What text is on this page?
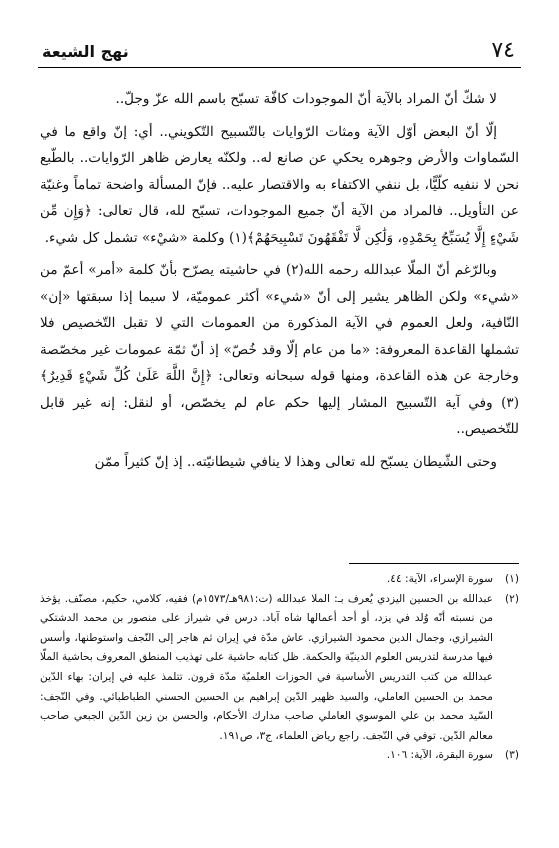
٧٤
نهج الشيعة

لا شكّ أنّ المراد بالآية أنّ الموجودات كافّة تسبّح باسم الله عزّ وجلّ..

إلّا أنّ البعض أوّل الآية ومثات الرّوايات بالتّسبيح التّكويني.. أي: إنّ واقع ما في السّماوات والأرض وجوهره يحكي عن صانع له.. ولكنّه يعارض ظاهر الرّوايات.. بالطّبع نحن لا ننفيه كلّيًّا، بل ننفي الاكتفاء به والاقتصار عليه.. فإنّ المسألة واضحة تماماً وغنيّة عن التأويل.. فالمراد من الآية أنّ جميع الموجودات، تسبّح لله، قال تعالى: ﴿وَإِن مِّن شَيْءٍ إِلَّا يُسَبِّحُ بِحَمْدِهِ، وَلَٰكِن لَّا تَفْقَهُونَ تَسْبِيحَهُمْ﴾(١) وكلمة «شيْء» تشمل كل شيء.

وبالرّغم أنّ الملّا عبدالله رحمه الله(٢) في حاشيته يصرّح بأنّ كلمة «أمر» أعمّ من «شيء» ولكن الظاهر يشير إلى أنّ «شيء» أكثر عموميّة، لا سيما إذا سبقتها «إن» النّافية، ولعل العموم في الآية المذكورة من العمومات التي لا تقبل التّخصيص فلا تشملها القاعدة المعروفة: «ما من عام إلّا وقد خُصّ» إذ أنّ ثمّة عمومات غير مخصّصة وخارجة عن هذه القاعدة، ومنها قوله سبحانه وتعالى: ﴿إِنَّ اللَّهَ عَلَىٰ كُلِّ شَيْءٍ قَدِيرٌ﴾(٣) وفي آية التّسبيح المشار إليها حكم عام لم يخصّص، أو لنقل: إنه غير قابل للتّخصيص..

وحتى الشّيطان يسبّح لله تعالى وهذا لا ينافي شيطانيّته.. إذ إنّ كثيراً ممّن

(١)
سورة الإسراء، الآية: ٤٤.
(٢)
عبدالله بن الحسين اليزدي يُعرف بـ: الملا عبدالله (ت:٩٨١هـ/١٥٧٣م) فقيه، كلامي، حكيم، مصنّف. يؤخذ من نسبته أنّه وُلد في يزد، أو أحد أعمالها شاه آباد. درس في شيراز على منصور بن محمد الدشتكي الشيرازي، وجمال الدين محمود الشيرازي. عاش مدّة في إيران ثم هاجر إلى النّجف واستوطنها، وأسس فيها مدرسة لتدريس العلوم الدينيّة والحكمة. ظل كتابه حاشية على تهذيب المنطق المعروف بحاشية الملّا عبدالله من كتب التدريس الأساسية في الحوزات العلميّة مدّة قرون. تتلمذ عليه في إيران: بهاء الدّين محمد بن الحسين العاملي، والسيد ظهير الدّين إبراهيم بن الحسين الحسني الطباطبائي. وفي النّجف: السّيد محمد بن علي الموسوي العاملي صاحب مدارك الأحكام، والحسن بن زين الدّين الجبعي صاحب معالم الدّين. توفي في النّجف. راجع رياض العلماء، ج٣، ص١٩١.
(٣)
سورة البقرة، الآية: ١٠٦.
